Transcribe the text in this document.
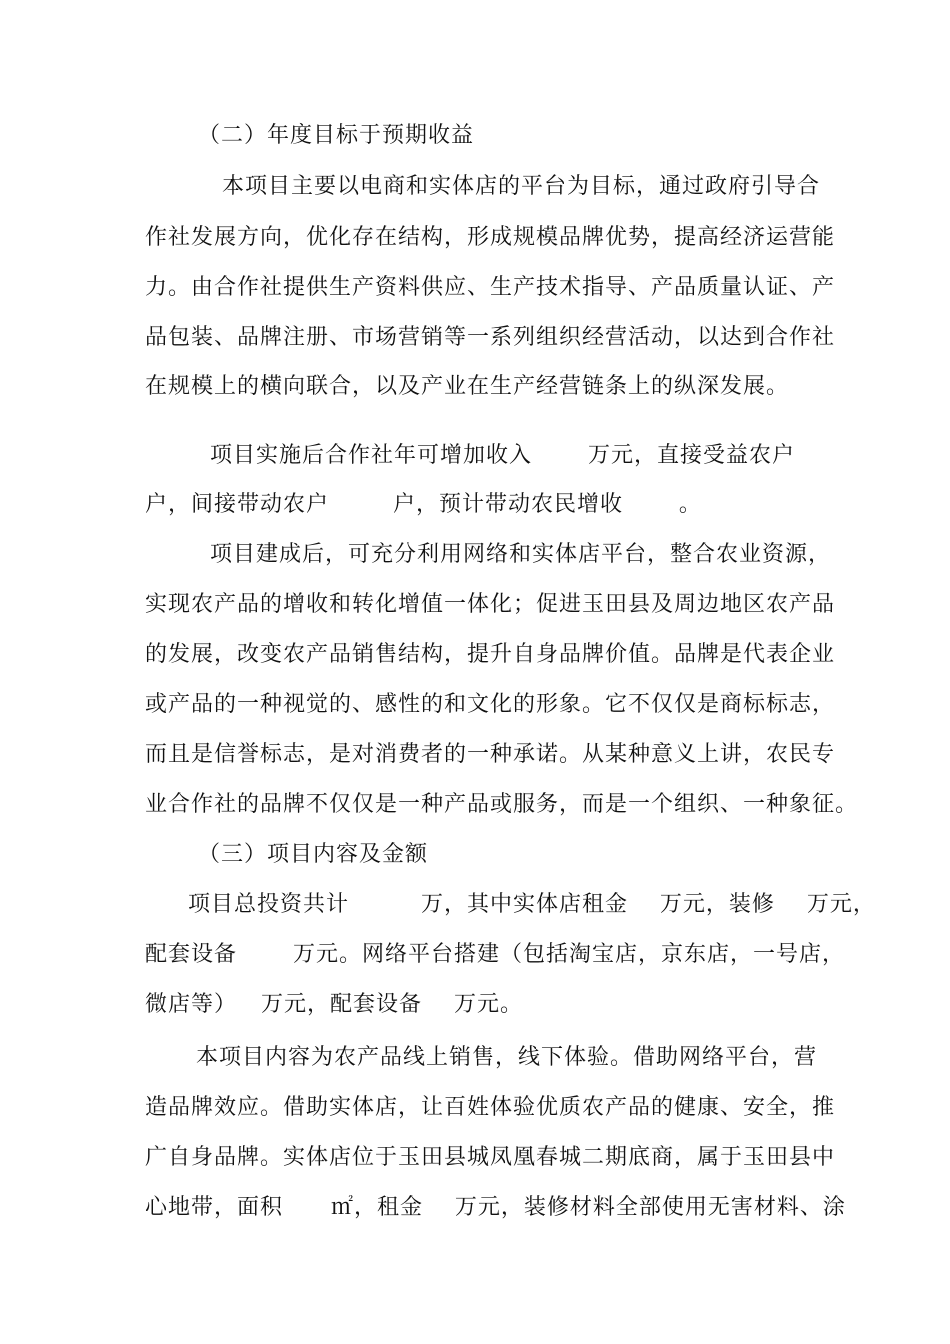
（二）年度目标于预期收益
本项目主要以电商和实体店的平台为目标，通过政府引导合
作社发展方向，优化存在结构，形成规模品牌优势，提高经济运营能
力。由合作社提供生产资料供应、生产技术指导、产品质量认证、产
品包装、品牌注册、市场营销等一系列组织经营活动，以达到合作社
在规模上的横向联合，以及产业在生产经营链条上的纵深发展。
项目实施后合作社年可增加收入       万元，直接受益农户
户，间接带动农户        户，预计带动农民增收       。
项目建成后，可充分利用网络和实体店平台，整合农业资源，
实现农产品的增收和转化增值一体化；促进玉田县及周边地区农产品
的发展，改变农产品销售结构，提升自身品牌价值。品牌是代表企业
或产品的一种视觉的、感性的和文化的形象。它不仅仅是商标标志，
而且是信誉标志，是对消费者的一种承诺。从某种意义上讲，农民专
业合作社的品牌不仅仅是一种产品或服务，而是一个组织、一种象征。
（三）项目内容及金额
项目总投资共计         万，其中实体店租金    万元，装修    万元，
配套设备       万元。网络平台搭建（包括淘宝店，京东店，一号店，
微店等）   万元，配套设备    万元。
本项目内容为农产品线上销售，线下体验。借助网络平台，营
造品牌效应。借助实体店，让百姓体验优质农产品的健康、安全，推
广自身品牌。实体店位于玉田县城凤凰春城二期底商，属于玉田县中
心地带，面积      ㎡，租金    万元，装修材料全部使用无害材料、涂
